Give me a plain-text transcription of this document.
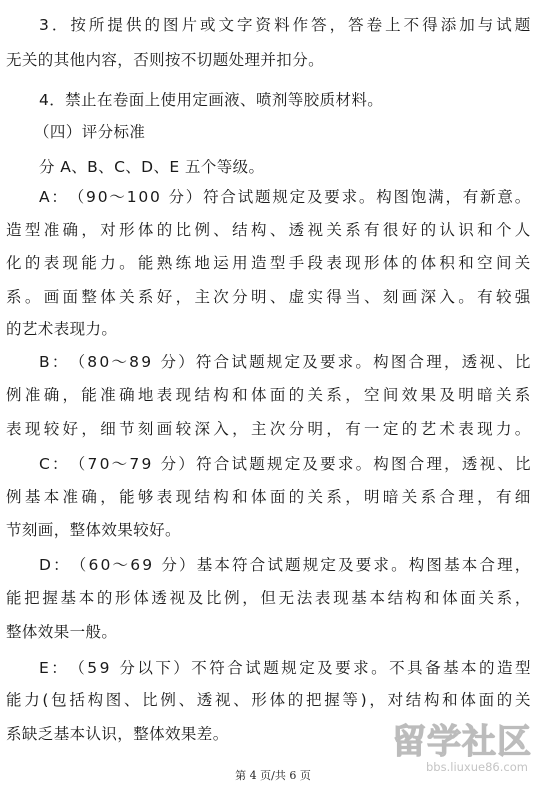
3 ． 按 所 提 供 的 图 片 或 文 字 资 料 作 答 ， 答 卷 上 不 得 添 加 与 试 题
无关的其他内容，否则按不切题处理并扣分。
4．禁止在卷面上使用定画液、喷剂等胶质材料。
（四）评分标准
分 A、B、C、D、E 五个等级。
A ： （ 9 0 ～ 1 0 0
分 ） 符 合 试 题 规 定 及 要 求 。 构 图 饱 满 ， 有 新 意 。
造 型 准 确 ， 对 形 体 的 比 例 、 结 构 、 透 视 关 系 有 很 好 的 认 识 和 个 人
化 的 表 现 能 力 。 能 熟 练 地 运 用 造 型 手 段 表 现 形 体 的 体 积 和 空 间 关
系 。 画 面 整 体 关 系 好 ， 主 次 分 明 、 虚 实 得 当 、 刻 画 深 入 。 有 较 强
的艺术表现力。
B ： （ 8 0 ～ 8 9
分 ） 符 合 试 题 规 定 及 要 求 。 构 图 合 理 ， 透 视 、 比
例 准 确 ， 能 准 确 地 表 现 结 构 和 体 面 的 关 系 ， 空 间 效 果 及 明 暗 关 系
表 现 较 好 ， 细 节 刻 画 较 深 入 ， 主 次 分 明 ， 有 一 定 的 艺 术 表 现 力 。
C ： （ 7 0 ～ 7 9
分 ） 符 合 试 题 规 定 及 要 求 。 构 图 合 理 ， 透 视 、 比
例 基 本 准 确 ， 能 够 表 现 结 构 和 体 面 的 关 系 ， 明 暗 关 系 合 理 ， 有 细
节刻画，整体效果较好。
D ： （ 6 0 ～ 6 9
分 ） 基 本 符 合 试 题 规 定 及 要 求 。 构 图 基 本 合 理 ，
能 把 握 基 本 的 形 体 透 视 及 比 例 ， 但 无 法 表 现 基 本 结 构 和 体 面 关 系 ，
整体效果一般。
E ： （ 5 9
分 以 下 ） 不 符 合 试 题 规 定 及 要 求 。 不 具 备 基 本 的 造 型
能 力 ( 包 括 构 图 、 比 例 、 透 视 、 形 体 的 把 握 等 ) ， 对 结 构 和 体 面 的 关
系缺乏基本认识，整体效果差。
第 4 页/共 6 页
留学社区
bbs.liuxue86.com
